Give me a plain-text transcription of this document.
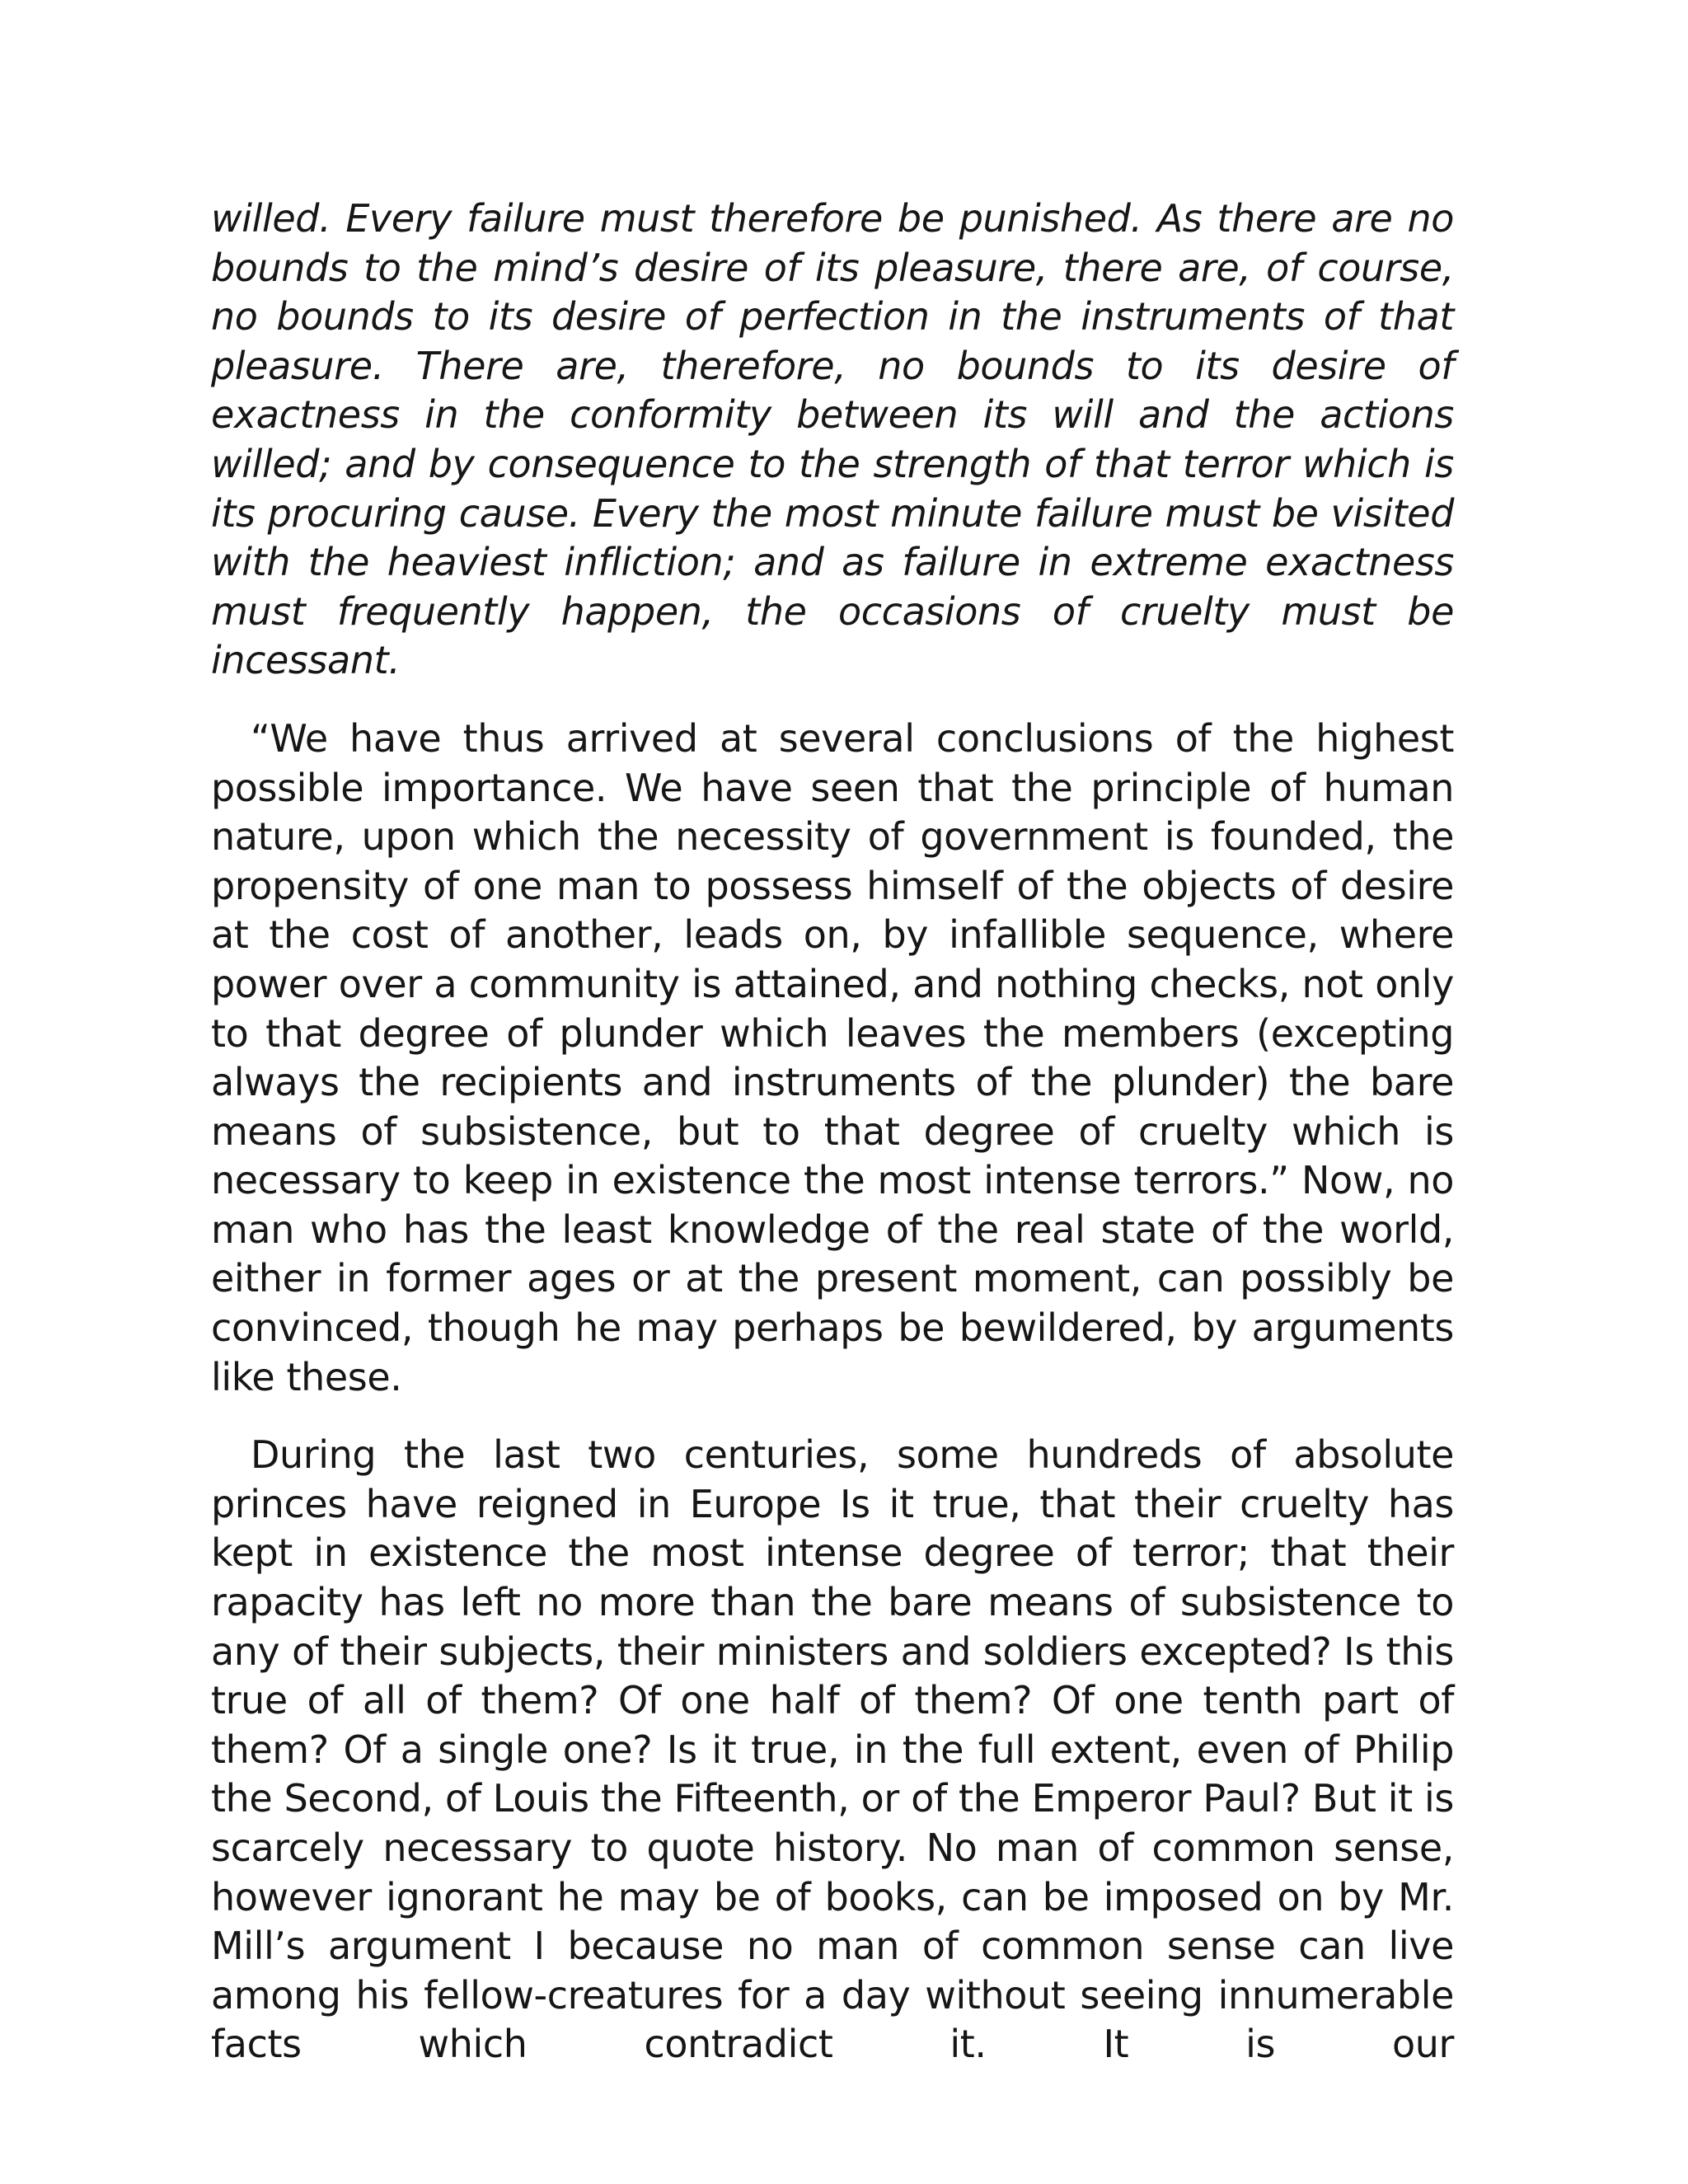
willed. Every failure must therefore be punished. As there are no bounds to the mind’s desire of its pleasure, there are, of course, no bounds to its desire of perfection in the instruments of that pleasure. There are, therefore, no bounds to its desire of exactness in the conformity between its will and the actions willed; and by consequence to the strength of that terror which is its procuring cause. Every the most minute failure must be visited with the heaviest infliction; and as failure in extreme exactness must frequently happen, the occasions of cruelty must be incessant.

“We have thus arrived at several conclusions of the highest possible importance. We have seen that the principle of human nature, upon which the necessity of government is founded, the propensity of one man to possess himself of the objects of desire at the cost of another, leads on, by infallible sequence, where power over a community is attained, and nothing checks, not only to that degree of plunder which leaves the members (excepting always the recipients and instruments of the plunder) the bare means of subsistence, but to that degree of cruelty which is necessary to keep in existence the most intense terrors.” Now, no man who has the least knowledge of the real state of the world, either in former ages or at the present moment, can possibly be convinced, though he may perhaps be bewildered, by arguments like these.

During the last two centuries, some hundreds of absolute princes have reigned in Europe Is it true, that their cruelty has kept in existence the most intense degree of terror; that their rapacity has left no more than the bare means of subsistence to any of their subjects, their ministers and soldiers excepted? Is this true of all of them? Of one half of them? Of one tenth part of them? Of a single one? Is it true, in the full extent, even of Philip the Second, of Louis the Fifteenth, or of the Emperor Paul? But it is scarcely necessary to quote history. No man of common sense, however ignorant he may be of books, can be imposed on by Mr. Mill’s argument I because no man of common sense can live among his fellow-creatures for a day without seeing innumerable facts which contradict it. It is our
